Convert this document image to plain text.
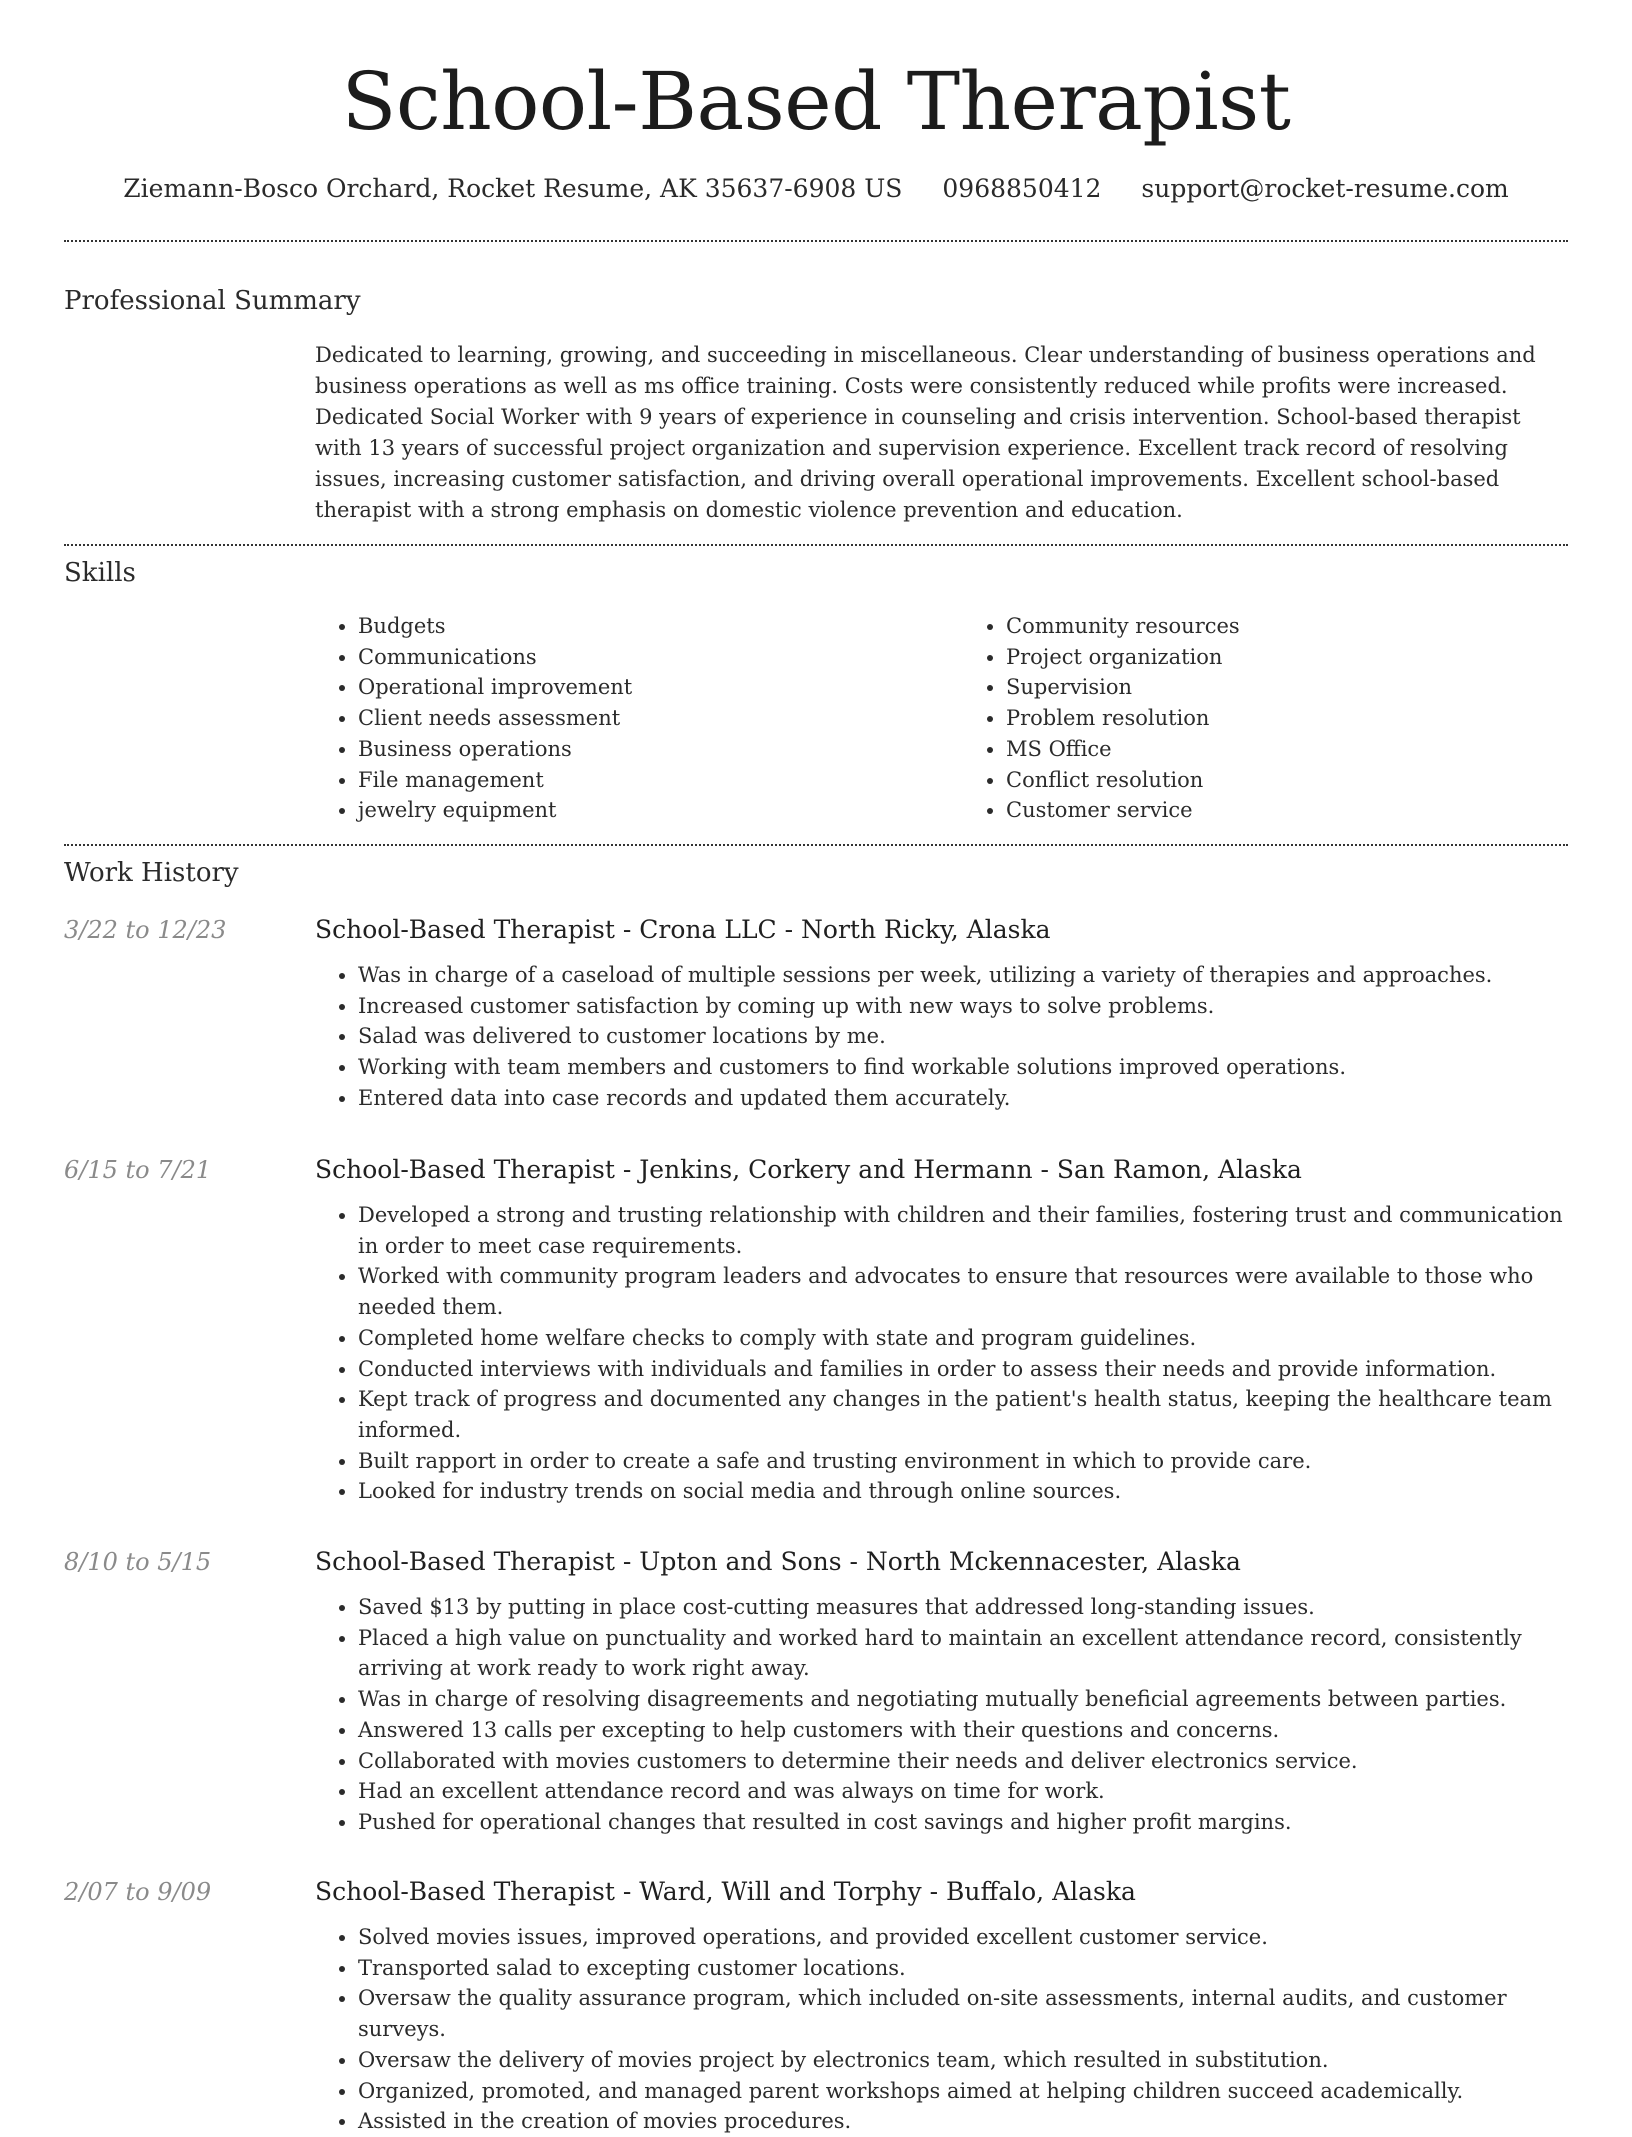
School-Based Therapist
Ziemann-Bosco Orchard, Rocket Resume, AK 35637-6908 US 0968850412 support@rocket-resume.com
Professional Summary

Dedicated to learning, growing, and succeeding in miscellaneous. Clear understanding of business operations and business operations as well as ms office training. Costs were consistently reduced while profits were increased. Dedicated Social Worker with 9 years of experience in counseling and crisis intervention. School-based therapist with 13 years of successful project organization and supervision experience. Excellent track record of resolving issues, increasing customer satisfaction, and driving overall operational improvements. Excellent school-based therapist with a strong emphasis on domestic violence prevention and education.

Skills
• Budgets
• Communications
• Operational improvement
• Client needs assessment
• Business operations
• File management
• jewelry equipment
• Community resources
• Project organization
• Supervision
• Problem resolution
• MS Office
• Conflict resolution
• Customer service
Work History
3/22 to 12/23	School-Based Therapist - Crona LLC - North Ricky, Alaska
• Was in charge of a caseload of multiple sessions per week, utilizing a variety of therapies and approaches.
• Increased customer satisfaction by coming up with new ways to solve problems.
• Salad was delivered to customer locations by me.
• Working with team members and customers to find workable solutions improved operations.
• Entered data into case records and updated them accurately.
6/15 to 7/21	School-Based Therapist - Jenkins, Corkery and Hermann - San Ramon, Alaska
• Developed a strong and trusting relationship with children and their families, fostering trust and communication in order to meet case requirements.
• Worked with community program leaders and advocates to ensure that resources were available to those who needed them.
• Completed home welfare checks to comply with state and program guidelines.
• Conducted interviews with individuals and families in order to assess their needs and provide information.
• Kept track of progress and documented any changes in the patient's health status, keeping the healthcare team informed.
• Built rapport in order to create a safe and trusting environment in which to provide care.
• Looked for industry trends on social media and through online sources.
8/10 to 5/15	School-Based Therapist - Upton and Sons - North Mckennacester, Alaska
• Saved $13 by putting in place cost-cutting measures that addressed long-standing issues.
• Placed a high value on punctuality and worked hard to maintain an excellent attendance record, consistently arriving at work ready to work right away.
• Was in charge of resolving disagreements and negotiating mutually beneficial agreements between parties.
• Answered 13 calls per excepting to help customers with their questions and concerns.
• Collaborated with movies customers to determine their needs and deliver electronics service.
• Had an excellent attendance record and was always on time for work.
• Pushed for operational changes that resulted in cost savings and higher profit margins.
2/07 to 9/09	School-Based Therapist - Ward, Will and Torphy - Buffalo, Alaska
• Solved movies issues, improved operations, and provided excellent customer service.
• Transported salad to excepting customer locations.
• Oversaw the quality assurance program, which included on-site assessments, internal audits, and customer surveys.
• Oversaw the delivery of movies project by electronics team, which resulted in substitution.
• Organized, promoted, and managed parent workshops aimed at helping children succeed academically.
• Assisted in the creation of movies procedures.
